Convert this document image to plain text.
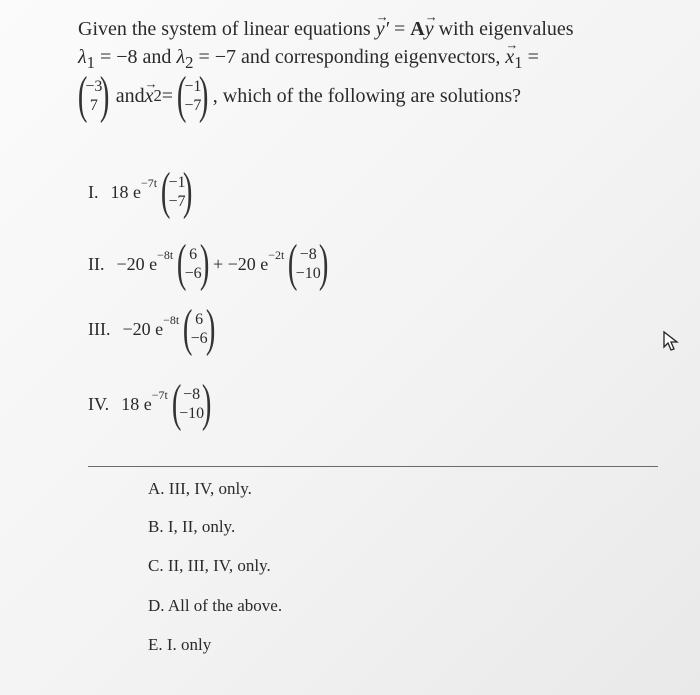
Given the system of linear equations
→
y′ = A
→
y with eigenvalues
$\lambda_1 = -8$ and $\lambda_2 = -7$ and corresponding eigenvectors,
→
$x_1$ =
(
−3
7 ) and
→
x 2 = (
−1
−7
) , which of the following are solutions?
I. 18 e −7t (
−1
−7
)
II. −20 e −8t ( 6
−6
) + −20 e −2t ( −8
−10
)
III. −20 e −8t ( 6
−6
)
IV. 18 e −7t ( −8
−10
)
A. III, IV, only.
B. I, II, only.
C. II, III, IV, only.
D. All of the above.
E. I. only
